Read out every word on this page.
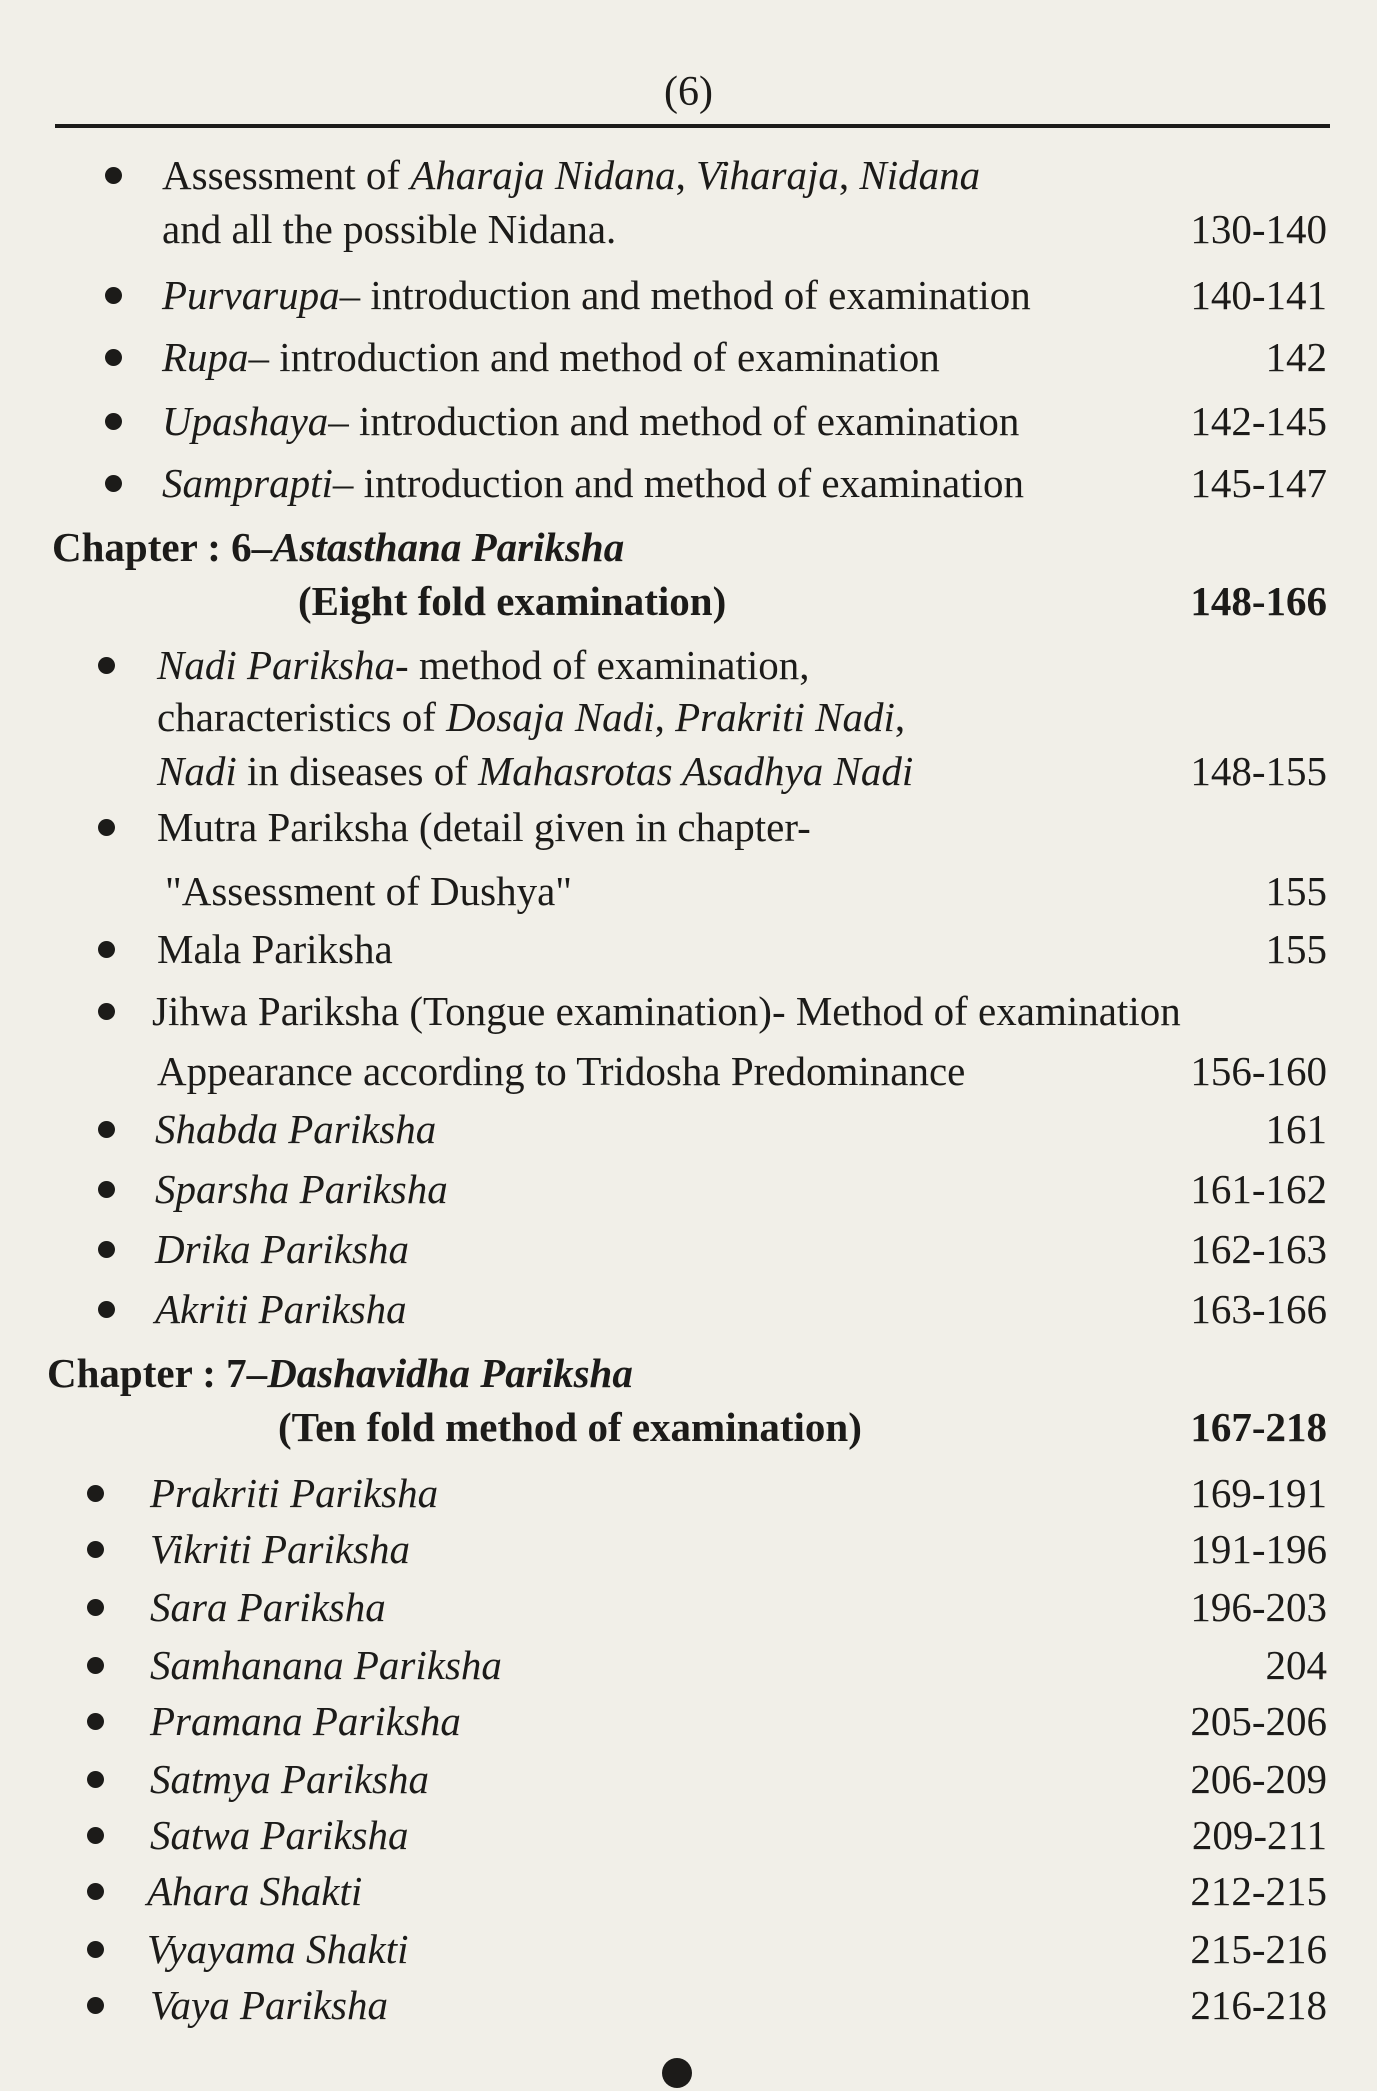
(6)
Assessment of Aharaja Nidana, Viharaja, Nidana
and all the possible Nidana.	130-140
Purvarupa– introduction and method of examination	140-141
Rupa– introduction and method of examination	142
Upashaya– introduction and method of examination	142-145
Samprapti– introduction and method of examination	145-147
Chapter : 6–Astasthana Pariksha
(Eight fold examination)	148-166
Nadi Pariksha- method of examination,
characteristics of Dosaja Nadi, Prakriti Nadi,
Nadi in diseases of Mahasrotas Asadhya Nadi	148-155
Mutra Pariksha (detail given in chapter-
"Assessment of Dushya"	155
Mala Pariksha	155
Jihwa Pariksha (Tongue examination)- Method of examination
Appearance according to Tridosha Predominance	156-160
Shabda Pariksha	161
Sparsha Pariksha	161-162
Drika Pariksha	162-163
Akriti Pariksha	163-166
Chapter : 7–Dashavidha Pariksha
(Ten fold method of examination)	167-218
Prakriti Pariksha	169-191
Vikriti Pariksha	191-196
Sara Pariksha	196-203
Samhanana Pariksha	204
Pramana Pariksha	205-206
Satmya Pariksha	206-209
Satwa Pariksha	209-211
Ahara Shakti	212-215
Vyayama Shakti	215-216
Vaya Pariksha	216-218
